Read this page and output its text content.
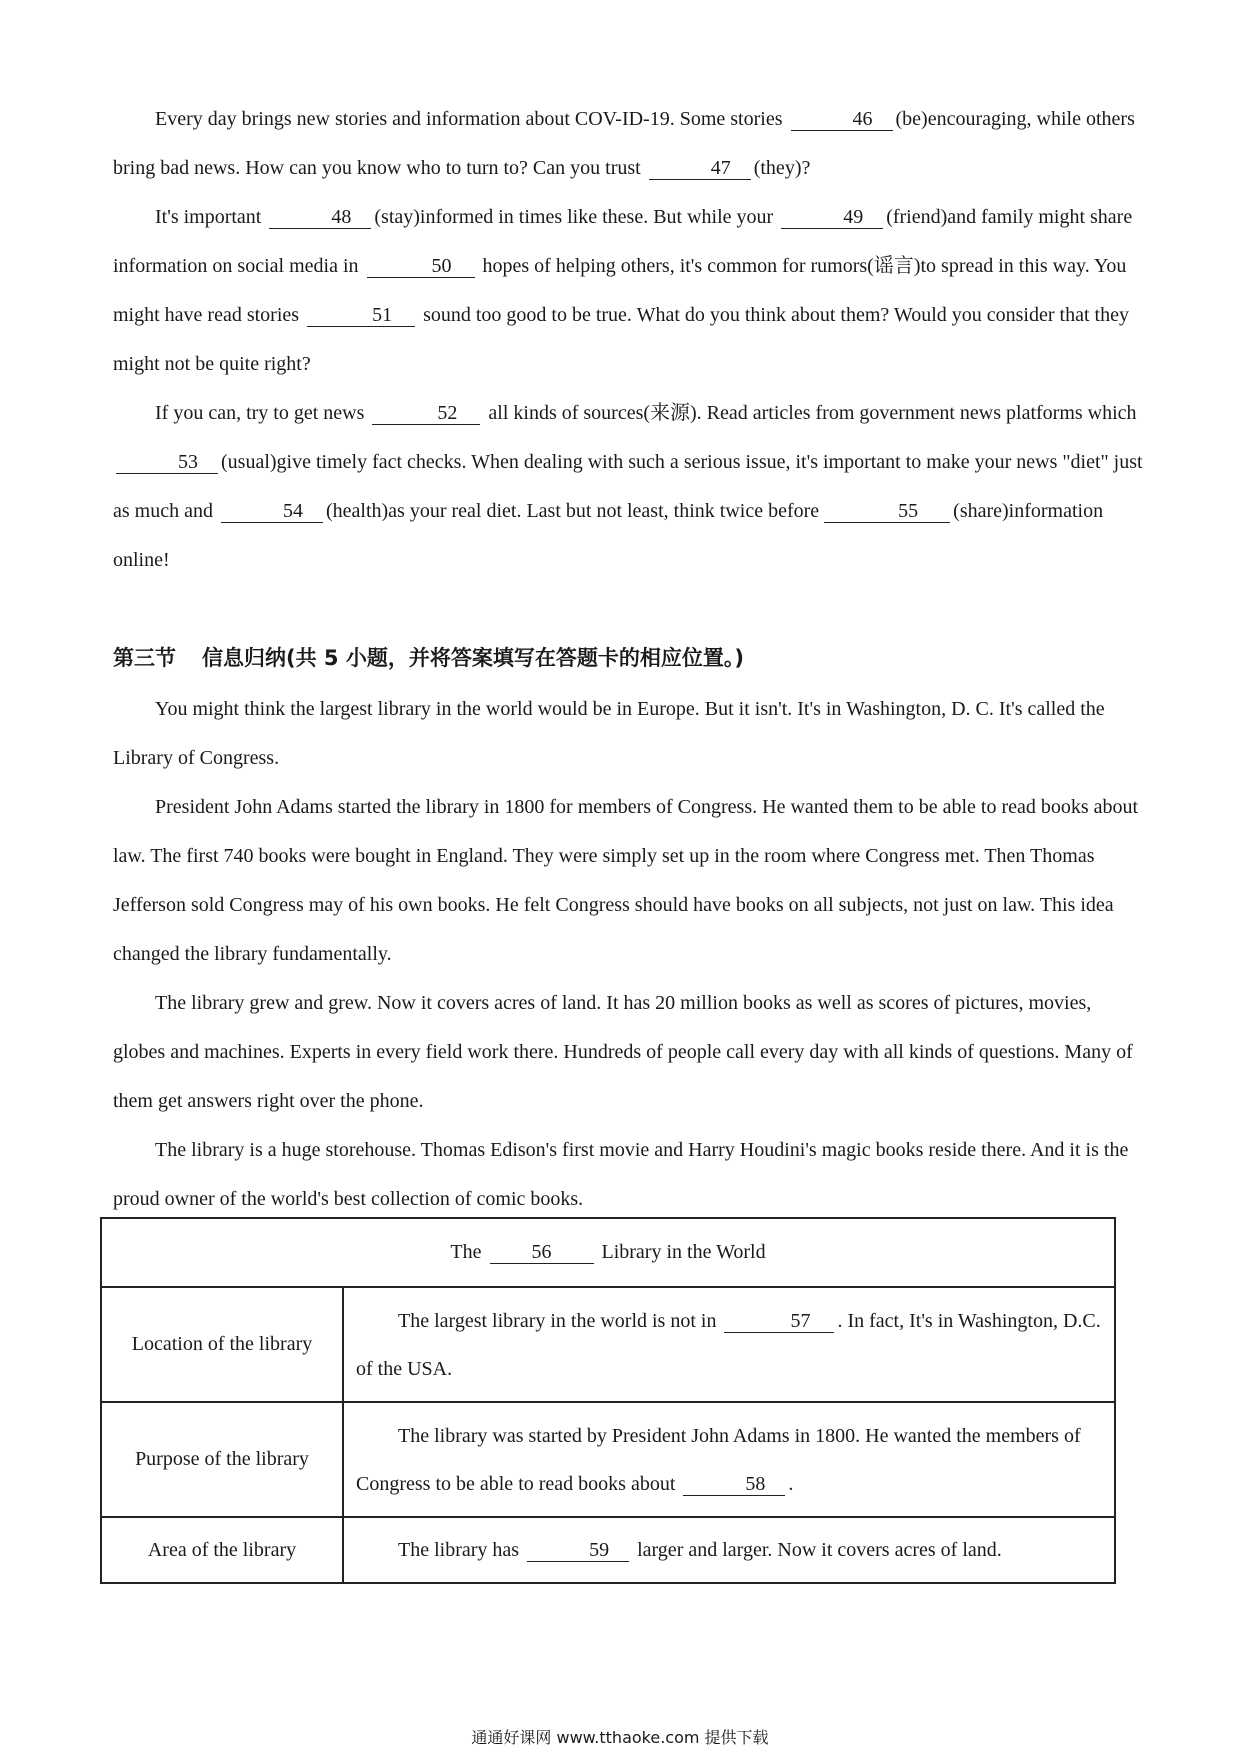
Every day brings new stories and information about COV-ID-19. Some stories	46 (be)encouraging, while others bring bad news. How can you know who to turn to? Can you trust	47 (they)?
It's important	48 (stay)informed in times like these. But while your	49 (friend)and family might share information on social media in	50 hopes of helping others, it's common for rumors(谣言)to spread in this way. You might have read stories	51 sound too good to be true. What do you think about them? Would you consider that they might not be quite right?
If you can, try to get news	52 all kinds of sources(来源). Read articles from government news platforms which 53 (usual)give timely fact checks. When dealing with such a serious issue, it's important to make your news "diet" just as much and	54 (health)as your real diet. Last but not least, think twice before	55 (share)information online!
第三节 信息归纳(共 5 小题，并将答案填写在答题卡的相应位置。)
You might think the largest library in the world would be in Europe. But it isn't. It's in Washington, D. C. It's called the Library of Congress.
President John Adams started the library in 1800 for members of Congress. He wanted them to be able to read books about law. The first 740 books were bought in England. They were simply set up in the room where Congress met. Then Thomas Jefferson sold Congress may of his own books. He felt Congress should have books on all subjects, not just on law. This idea changed the library fundamentally.
The library grew and grew. Now it covers acres of land. It has 20 million books as well as scores of pictures, movies, globes and machines. Experts in every field work there. Hundreds of people call every day with all kinds of questions. Many of them get answers right over the phone.
The library is a huge storehouse. Thomas Edison's first movie and Harry Houdini's magic books reside there. And it is the proud owner of the world's best collection of comic books.
The 56 Library in the World	
Location of the library	The largest library in the world is not in 57 . In fact, It's in Washington, D.C. of the USA.

Purpose of the library	The library was started by President John Adams in 1800. He wanted the members of Congress to be able to read books about 58 .

Area of the library	The library has 59 larger and larger. Now it covers acres of land.
通通好课网 www.tthaoke.com 提供下载
